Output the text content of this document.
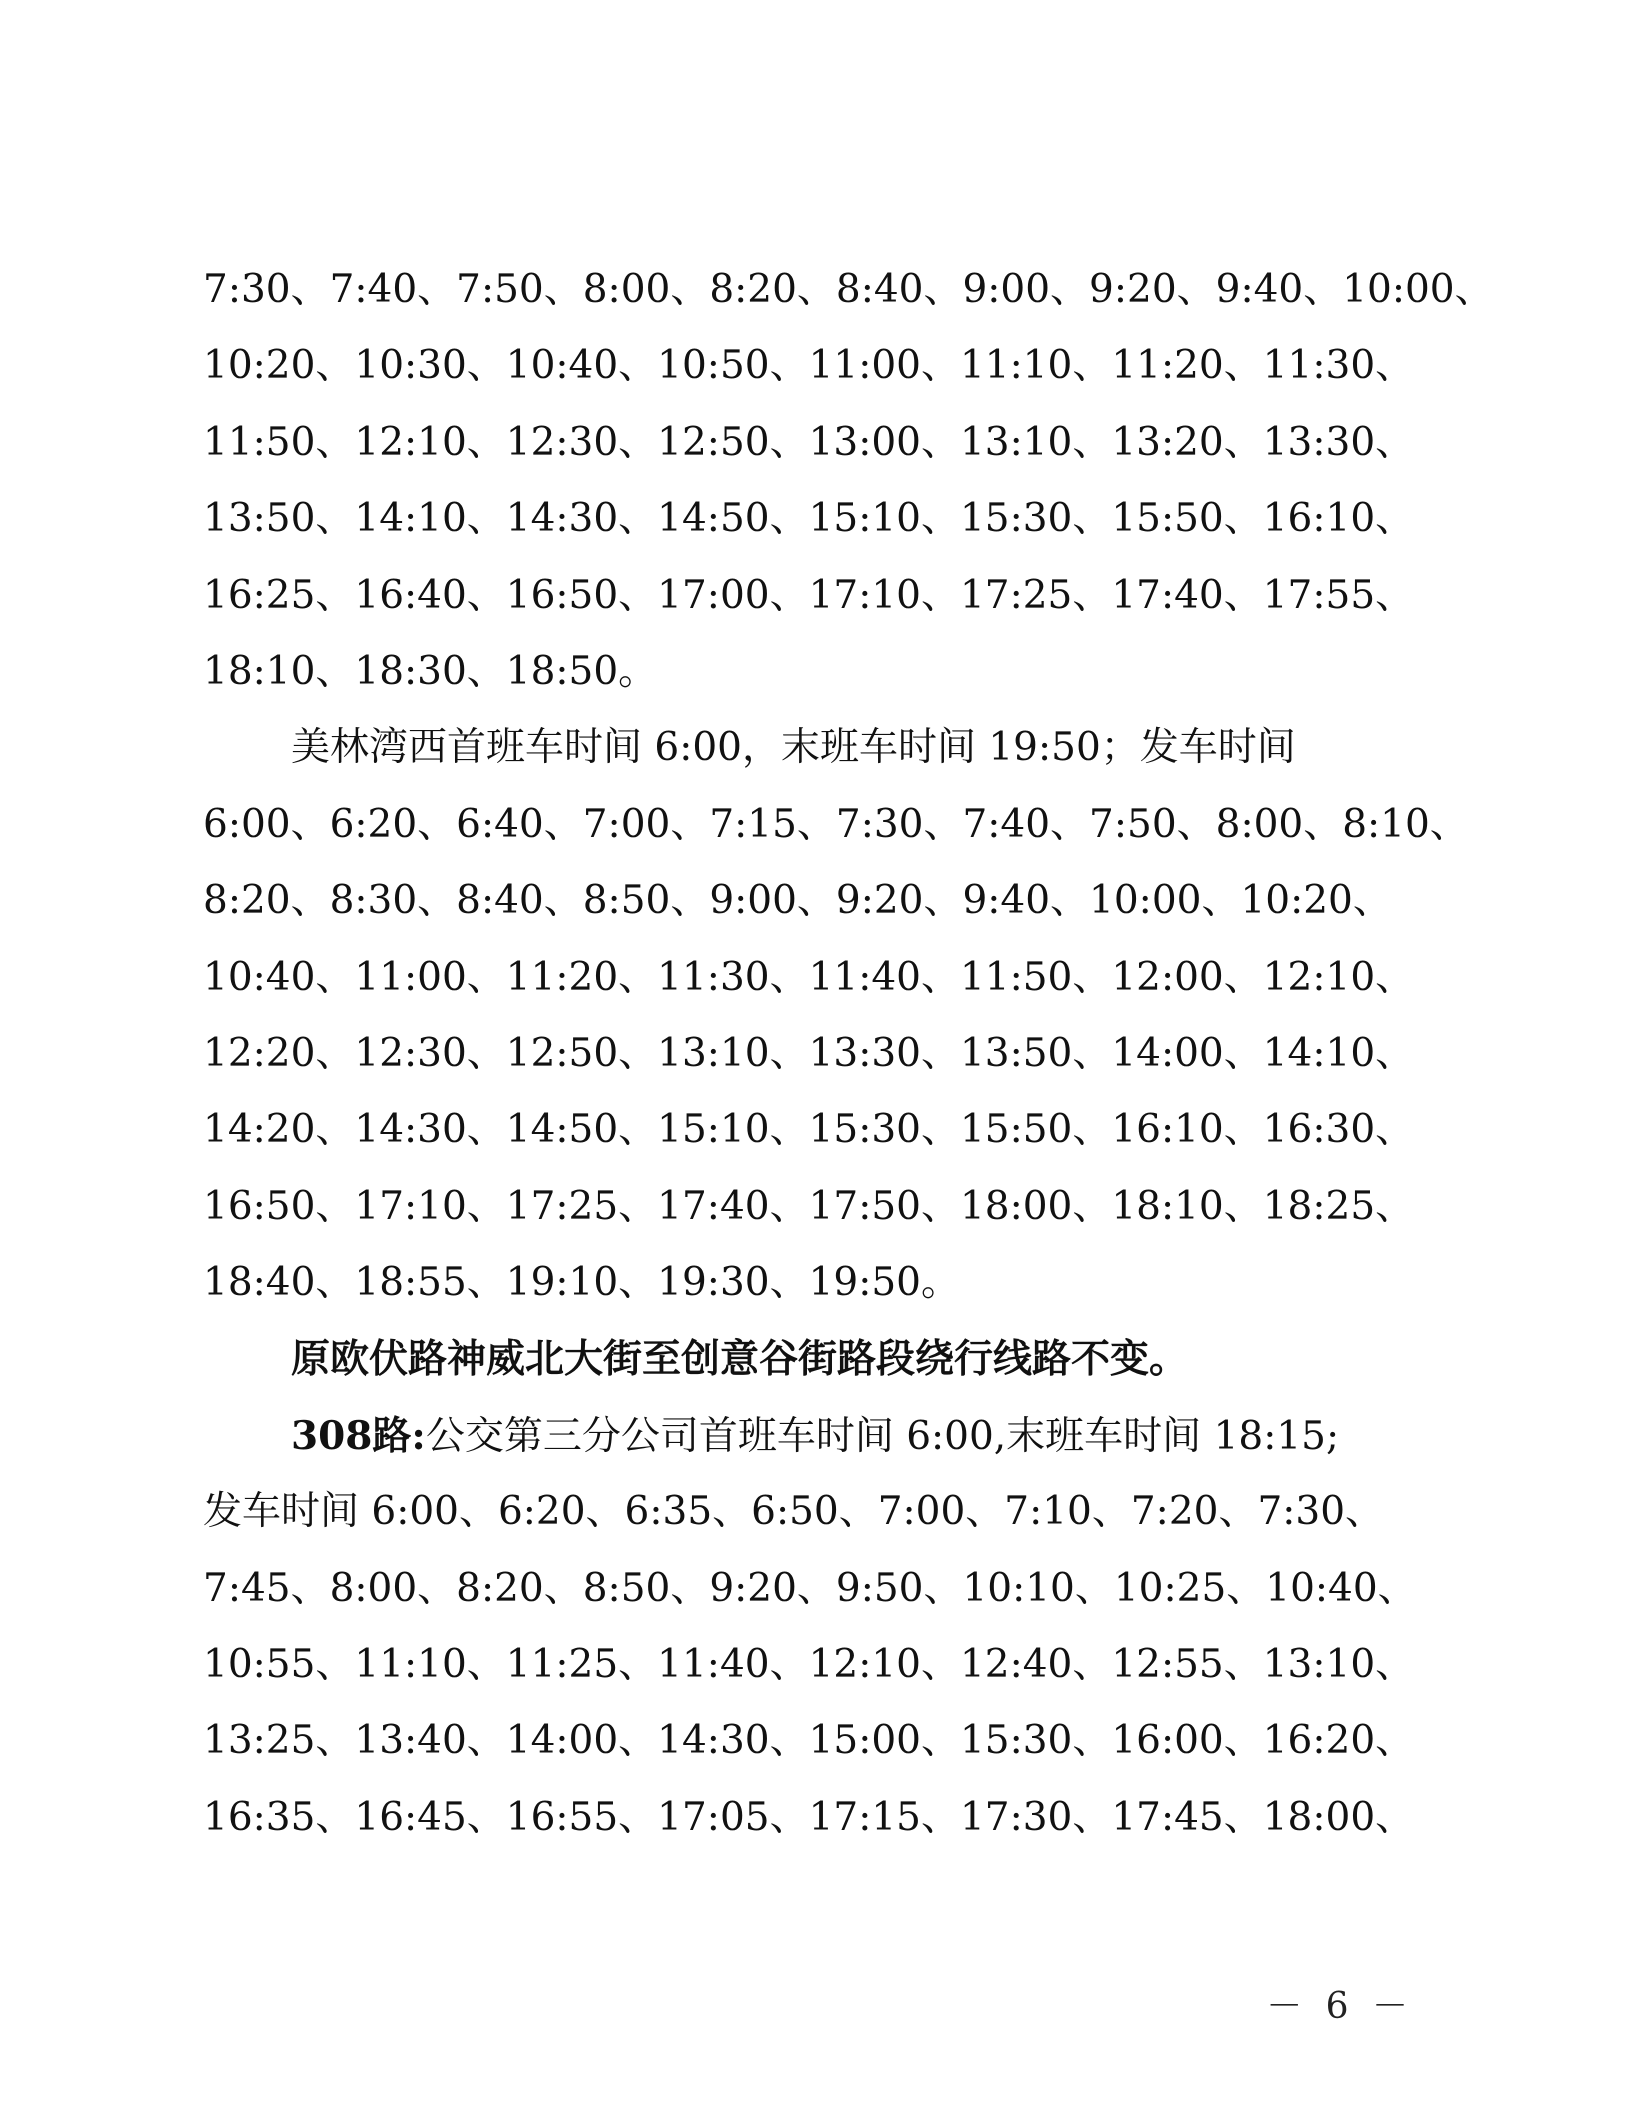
7:30、7:40、7:50、8:00、8:20、8:40、9:00、9:20、9:40、10:00、
10:20、10:30、10:40、10:50、11:00、11:10、11:20、11:30、
11:50、12:10、12:30、12:50、13:00、13:10、13:20、13:30、
13:50、14:10、14:30、14:50、15:10、15:30、15:50、16:10、
16:25、16:40、16:50、17:00、17:10、17:25、17:40、17:55、
18:10、18:30、18:50。
美林湾西首班车时间 6:00，末班车时间 19:50；发车时间
6:00、6:20、6:40、7:00、7:15、7:30、7:40、7:50、8:00、8:10、
8:20、8:30、8:40、8:50、9:00、9:20、9:40、10:00、10:20、
10:40、11:00、11:20、11:30、11:40、11:50、12:00、12:10、
12:20、12:30、12:50、13:10、13:30、13:50、14:00、14:10、
14:20、14:30、14:50、15:10、15:30、15:50、16:10、16:30、
16:50、17:10、17:25、17:40、17:50、18:00、18:10、18:25、
18:40、18:55、19:10、19:30、19:50。
原欧伏路神威北大街至创意谷街路段绕行线路不变。
308路:公交第三分公司首班车时间 6:00,末班车时间 18:15;
发车时间 6:00、6:20、6:35、6:50、7:00、7:10、7:20、7:30、
7:45、8:00、8:20、8:50、9:20、9:50、10:10、10:25、10:40、
10:55、11:10、11:25、11:40、12:10、12:40、12:55、13:10、
13:25、13:40、14:00、14:30、15:00、15:30、16:00、16:20、
16:35、16:45、16:55、17:05、17:15、17:30、17:45、18:00、
－ 6 －
